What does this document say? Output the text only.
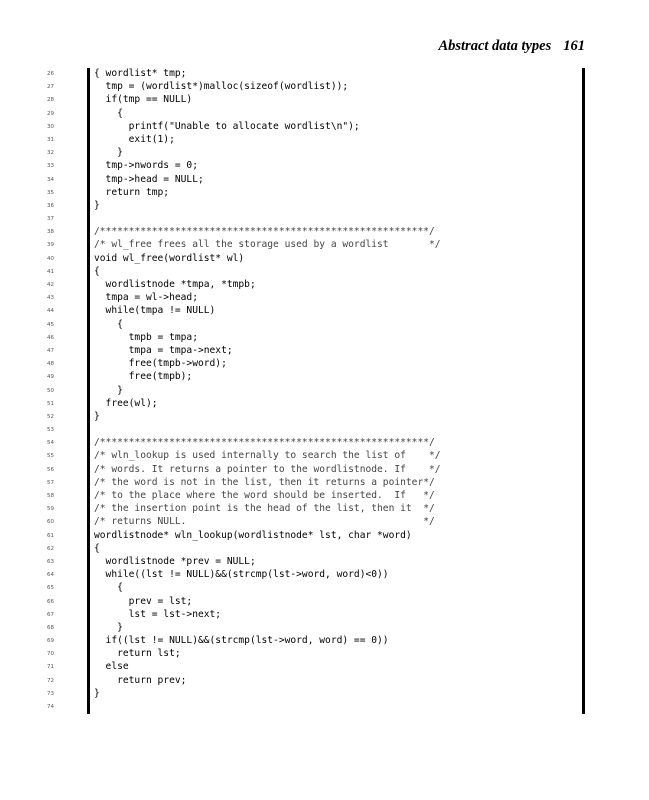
Abstract data types 161
26	{ wordlist* tmp;
27	tmp = (wordlist*)malloc(sizeof(wordlist));
28	if(tmp == NULL)
29	{
30	printf("Unable to allocate wordlist\n");
31	exit(1);
32	}
33	tmp->nwords = 0;
34	tmp->head = NULL;
35	return tmp;
36	}
37
38	/*********************************************************/
39	/* wl_free frees all the storage used by a wordlist       */
40	void wl_free(wordlist* wl)
41	{
42	wordlistnode *tmpa, *tmpb;
43	tmpa = wl->head;
44	while(tmpa != NULL)
45	{
46	tmpb = tmpa;
47	tmpa = tmpa->next;
48	free(tmpb->word);
49	free(tmpb);
50	}
51	free(wl);
52	}
53
54	/*********************************************************/
55	/* wln_lookup is used internally to search the list of    */
56	/* words. It returns a pointer to the wordlistnode. If    */
57	/* the word is not in the list, then it returns a pointer*/
58	/* to the place where the word should be inserted.  If   */
59	/* the insertion point is the head of the list, then it  */
60	/* returns NULL.                                         */
61	wordlistnode* wln_lookup(wordlistnode* lst, char *word)
62	{
63	wordlistnode *prev = NULL;
64	while((lst != NULL)&&(strcmp(lst->word, word)<0))
65	{
66	prev = lst;
67	lst = lst->next;
68	}
69	if((lst != NULL)&&(strcmp(lst->word, word) == 0))
70	return lst;
71	else
72	return prev;
73	}
74
